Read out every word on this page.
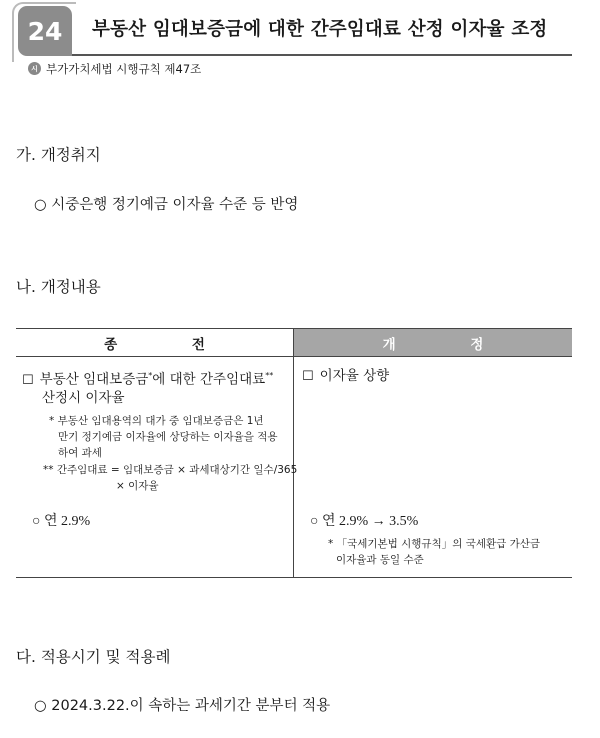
24	부동산 임대보증금에 대한 간주임대료 산정 이자율 조정
시 부가가치세법 시행규칙 제47조
가. 개정취지
○ 시중은행 정기예금 이자율 수준 등 반영
나. 개정내용
종 전	개 정
☐ 부동산 임대보증금*에 대한 간주임대료**
산정시 이자율
* 부동산 임대용역의 대가 중 임대보증금은 1년
만기 정기예금 이자율에 상당하는 이자율을 적용
하여 과세
** 간주임대료 = 임대보증금 × 과세대상기간 일수/365
× 이자율
○ 연 2.9%
☐ 이자율 상향
○ 연 2.9% → 3.5%
* 「국세기본법 시행규칙」의 국세환급 가산금
이자율과 동일 수준
다. 적용시기 및 적용례
○ 2024.3.22.이 속하는 과세기간 분부터 적용
